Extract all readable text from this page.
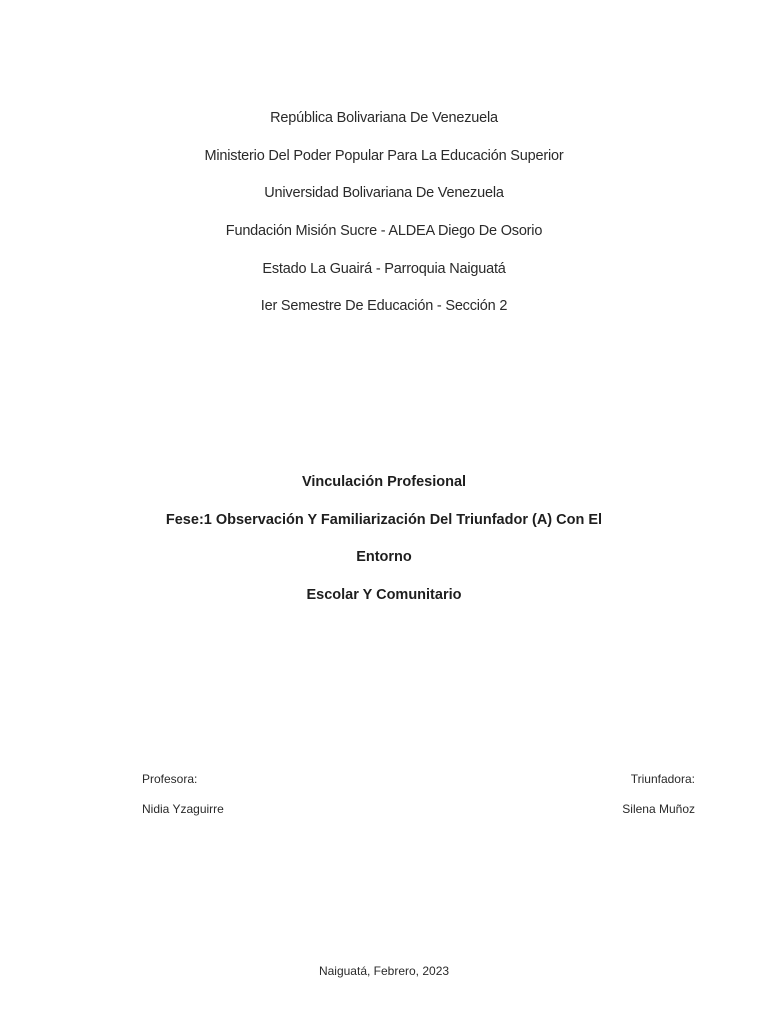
República Bolivariana De Venezuela
Ministerio Del Poder Popular Para La Educación Superior
Universidad Bolivariana De Venezuela
Fundación Misión Sucre - ALDEA Diego De Osorio
Estado La Guairá - Parroquia Naiguatá
Ier Semestre De Educación - Sección 2
Vinculación Profesional
Fese:1 Observación Y Familiarización Del Triunfador (A) Con El
Entorno
Escolar Y Comunitario
Profesora:
Nidia Yzaguirre
Triunfadora:
Silena Muñoz
Naiguatá, Febrero, 2023
